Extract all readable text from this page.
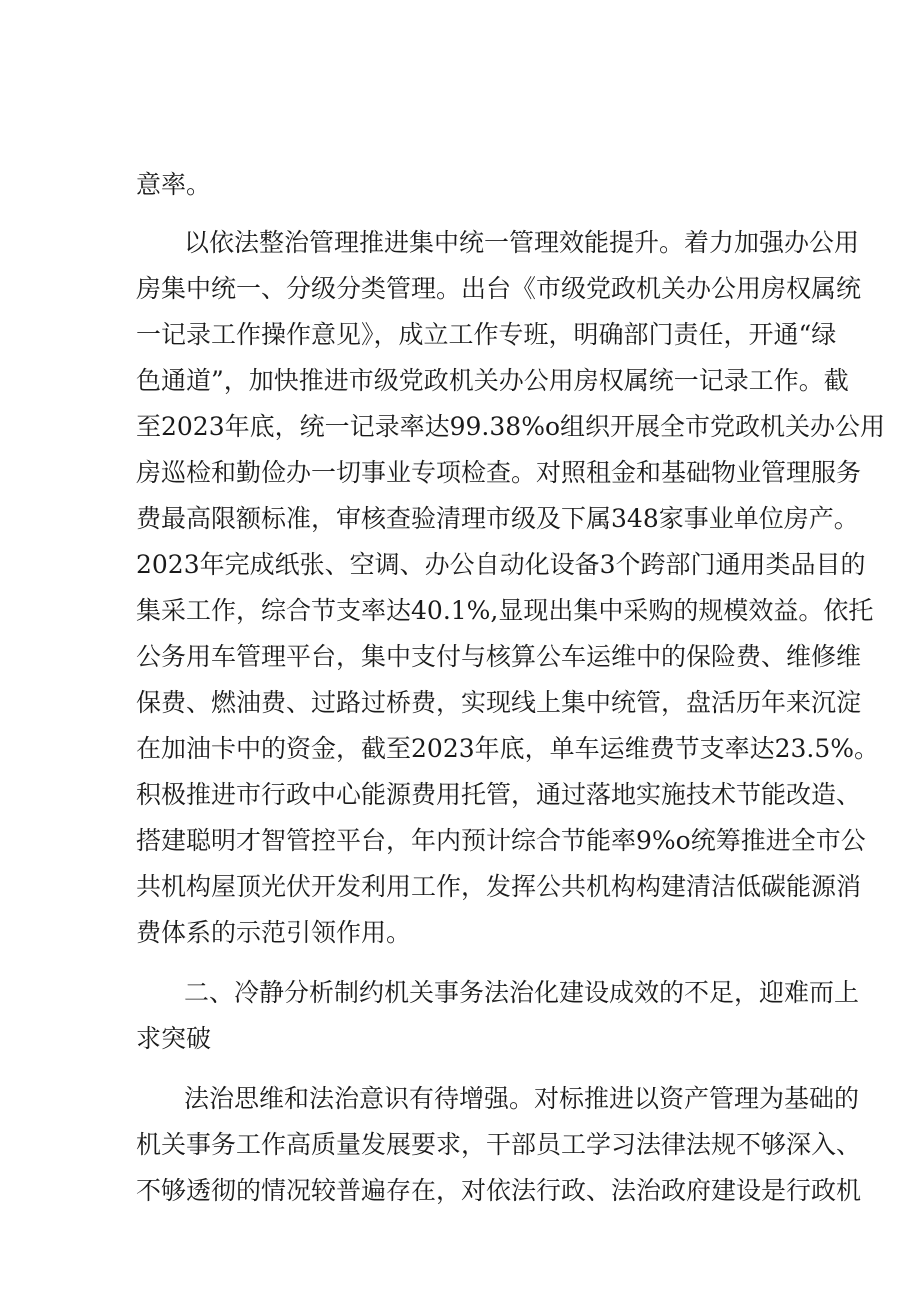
意率。
以依法整治管理推进集中统一管理效能提升。着力加强办公用
房集中统一、分级分类管理。出台《市级党政机关办公用房权属统
一记录工作操作意见》，成立工作专班，明确部门责任，开通“绿
色通道”，加快推进市级党政机关办公用房权属统一记录工作。截
至2023年底，统一记录率达99.38%o组织开展全市党政机关办公用
房巡检和勤俭办一切事业专项检查。对照租金和基础物业管理服务
费最高限额标准，审核查验清理市级及下属348家事业单位房产。
2023年完成纸张、空调、办公自动化设备3个跨部门通用类品目的
集采工作，综合节支率达40.1%,显现出集中采购的规模效益。依托
公务用车管理平台，集中支付与核算公车运维中的保险费、维修维
保费、燃油费、过路过桥费，实现线上集中统管，盘活历年来沉淀
在加油卡中的资金，截至2023年底，单车运维费节支率达23.5%。
积极推进市行政中心能源费用托管，通过落地实施技术节能改造、
搭建聪明才智管控平台，年内预计综合节能率9%o统筹推进全市公
共机构屋顶光伏开发利用工作，发挥公共机构构建清洁低碳能源消
费体系的示范引领作用。
二、冷静分析制约机关事务法治化建设成效的不足，迎难而上
求突破
法治思维和法治意识有待增强。对标推进以资产管理为基础的
机关事务工作高质量发展要求，干部员工学习法律法规不够深入、
不够透彻的情况较普遍存在，对依法行政、法治政府建设是行政机
